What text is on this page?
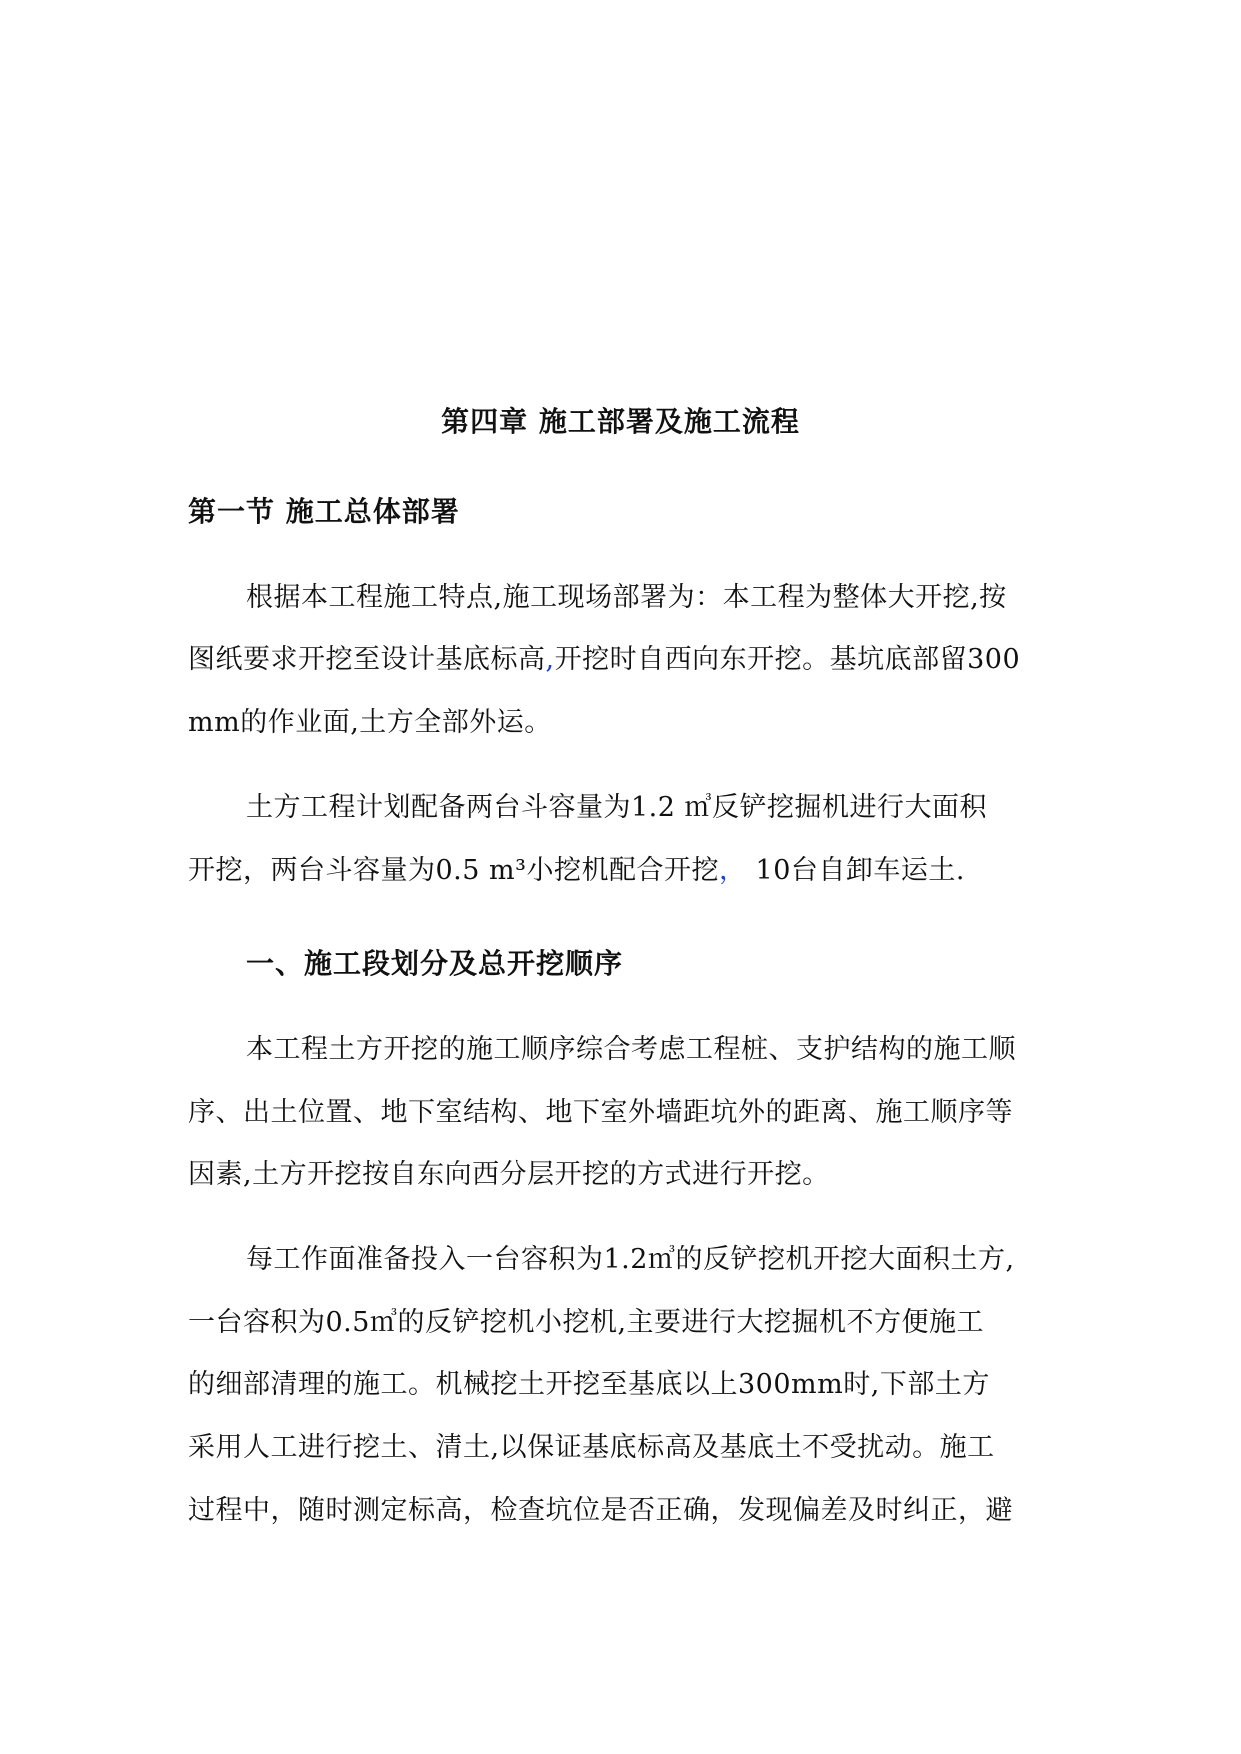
第四章 施工部署及施工流程
第一节 施工总体部署
根据本工程施工特点,施工现场部署为：本工程为整体大开挖,按
图纸要求开挖至设计基底标高,开挖时自西向东开挖。基坑底部留300
mm的作业面,土方全部外运。
土方工程计划配备两台斗容量为1.2 ㎥反铲挖掘机进行大面积
开挖，两台斗容量为0.5 m³小挖机配合开挖， 10台自卸车运土.
一、施工段划分及总开挖顺序
本工程土方开挖的施工顺序综合考虑工程桩、支护结构的施工顺
序、出土位置、地下室结构、地下室外墙距坑外的距离、施工顺序等
因素,土方开挖按自东向西分层开挖的方式进行开挖。
每工作面准备投入一台容积为1.2㎥的反铲挖机开挖大面积土方,
一台容积为0.5㎥的反铲挖机小挖机,主要进行大挖掘机不方便施工
的细部清理的施工。机械挖土开挖至基底以上300mm时,下部土方
采用人工进行挖土、清土,以保证基底标高及基底土不受扰动。施工
过程中，随时测定标高，检查坑位是否正确，发现偏差及时纠正，避
